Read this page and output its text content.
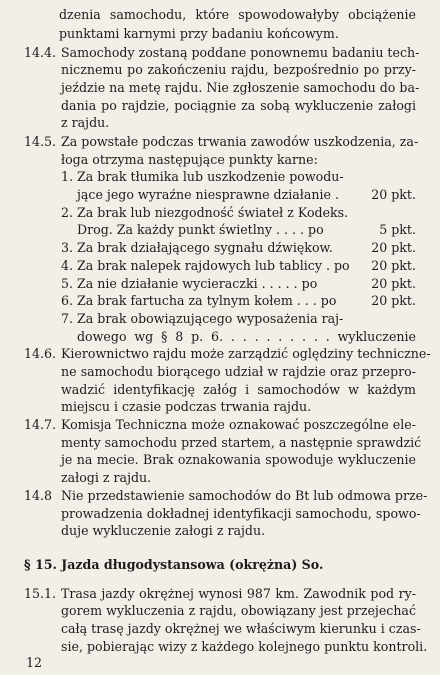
dzenia samochodu, które spowodowałyby obciążenie
punktami karnymi przy badaniu końcowym.
14.4. Samochody zostaną poddane ponownemu badaniu tech-
nicznemu po zakończeniu rajdu, bezpośrednio po przy-
jeździe na metę rajdu. Nie zgłoszenie samochodu do ba-
dania po rajdzie, pociągnie za sobą wykluczenie załogi
z rajdu.
14.5. Za powstałe podczas trwania zawodów uszkodzenia, za-
łoga otrzyma następujące punkty karne:
1. Za brak tłumika lub uszkodzenie powodu-
jące jego wyraźne niesprawne działanie .	20 pkt.
2. Za brak lub niezgodność świateł z Kodeks.
Drog. Za każdy punkt świetlny . . . . po	5 pkt.
3. Za brak działającego sygnału dźwiękow.	20 pkt.
4. Za brak nalepek rajdowych lub tablicy . po	20 pkt.
5. Za nie działanie wycieraczki . . . . . po	20 pkt.
6. Za brak fartucha za tylnym kołem . . . po	20 pkt.
7. Za brak obowiązującego wyposażenia raj-
dowego wg § 8 p. 6. . . . . . . . . . wykluczenie
14.6. Kierownictwo rajdu może zarządzić oględziny techniczne-
ne samochodu biorącego udział w rajdzie oraz przepro-
wadzić identyfikację załóg i samochodów w każdym
miejscu i czasie podczas trwania rajdu.
14.7. Komisja Techniczna może oznakować poszczególne ele-
menty samochodu przed startem, a następnie sprawdzić
je na mecie. Brak oznakowania spowoduje wykluczenie
załogi z rajdu.
14.8 Nie przedstawienie samochodów do Bt lub odmowa prze-
prowadzenia dokładnej identyfikacji samochodu, spowo-
duje wykluczenie załogi z rajdu.
§ 15. Jazda długodystansowa (okrężna) So.
15.1. Trasa jazdy okrężnej wynosi 987 km. Zawodnik pod ry-
gorem wykluczenia z rajdu, obowiązany jest przejechać
całą trasę jazdy okrężnej we właściwym kierunku i czas-
sie, pobierając wizy z każdego kolejnego punktu kontroli.
12
